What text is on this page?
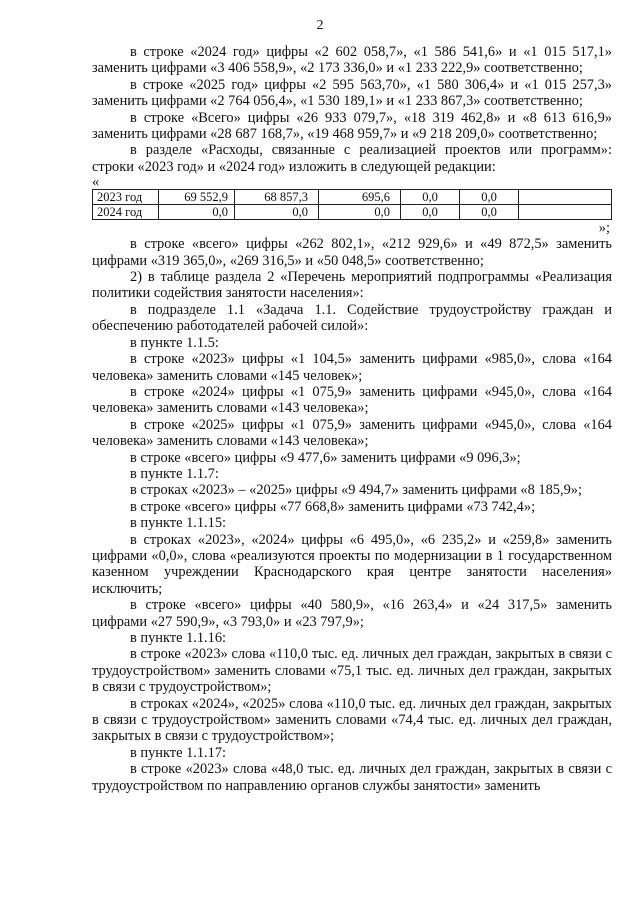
2

в строке «2024 год» цифры «2 602 058,7», «1 586 541,6» и «1 015 517,1» заменить цифрами «3 406 558,9», «2 173 336,0» и «1 233 222,9» соответственно;

в строке «2025 год» цифры «2 595 563,70», «1 580 306,4» и «1 015 257,3» заменить цифрами «2 764 056,4», «1 530 189,1» и «1 233 867,3» соответственно;

в строке «Всего» цифры «26 933 079,7», «18 319 462,8» и «8 613 616,9» заменить цифрами «28 687 168,7», «19 468 959,7» и «9 218 209,0» соответственно;

в разделе «Расходы, связанные с реализацией проектов или программ»: строки «2023 год» и «2024 год» изложить в следующей редакции:

«

2023 год	69 552,9	68 857,3	695,6	0,0	0,0	
2024 год	0,0	0,0	0,0	0,0	0,0	

»;

в строке «всего» цифры «262 802,1», «212 929,6» и «49 872,5» заменить цифрами «319 365,0», «269 316,5» и «50 048,5» соответственно;

2) в таблице раздела 2 «Перечень мероприятий подпрограммы «Реализация политики содействия занятости населения»:

в подразделе 1.1 «Задача 1.1. Содействие трудоустройству граждан и обеспечению работодателей рабочей силой»:

в пункте 1.1.5:

в строке «2023» цифры «1 104,5» заменить цифрами «985,0», слова «164 человека» заменить словами «145 человек»;

в строке «2024» цифры «1 075,9» заменить цифрами «945,0», слова «164 человека» заменить словами «143 человека»;

в строке «2025» цифры «1 075,9» заменить цифрами «945,0», слова «164 человека» заменить словами «143 человека»;

в строке «всего» цифры «9 477,6» заменить цифрами «9 096,3»;

в пункте 1.1.7:

в строках «2023» – «2025» цифры «9 494,7» заменить цифрами «8 185,9»;

в строке «всего» цифры «77 668,8» заменить цифрами «73 742,4»;

в пункте 1.1.15:

в строках «2023», «2024» цифры «6 495,0», «6 235,2» и «259,8» заменить цифрами «0,0», слова «реализуются проекты по модернизации в 1 государственном казенном учреждении Краснодарского края центре занятости населения» исключить;

в строке «всего» цифры «40 580,9», «16 263,4» и «24 317,5» заменить цифрами «27 590,9», «3 793,0» и «23 797,9»;

в пункте 1.1.16:

в строке «2023» слова «110,0 тыс. ед. личных дел граждан, закрытых в связи с трудоустройством» заменить словами «75,1 тыс. ед. личных дел граждан, закрытых в связи с трудоустройством»;

в строках «2024», «2025» слова «110,0 тыс. ед. личных дел граждан, закрытых в связи с трудоустройством» заменить словами «74,4 тыс. ед. личных дел граждан, закрытых в связи с трудоустройством»;

в пункте 1.1.17:

в строке «2023» слова «48,0 тыс. ед. личных дел граждан, закрытых в связи с трудоустройством по направлению органов службы занятости» заменить
